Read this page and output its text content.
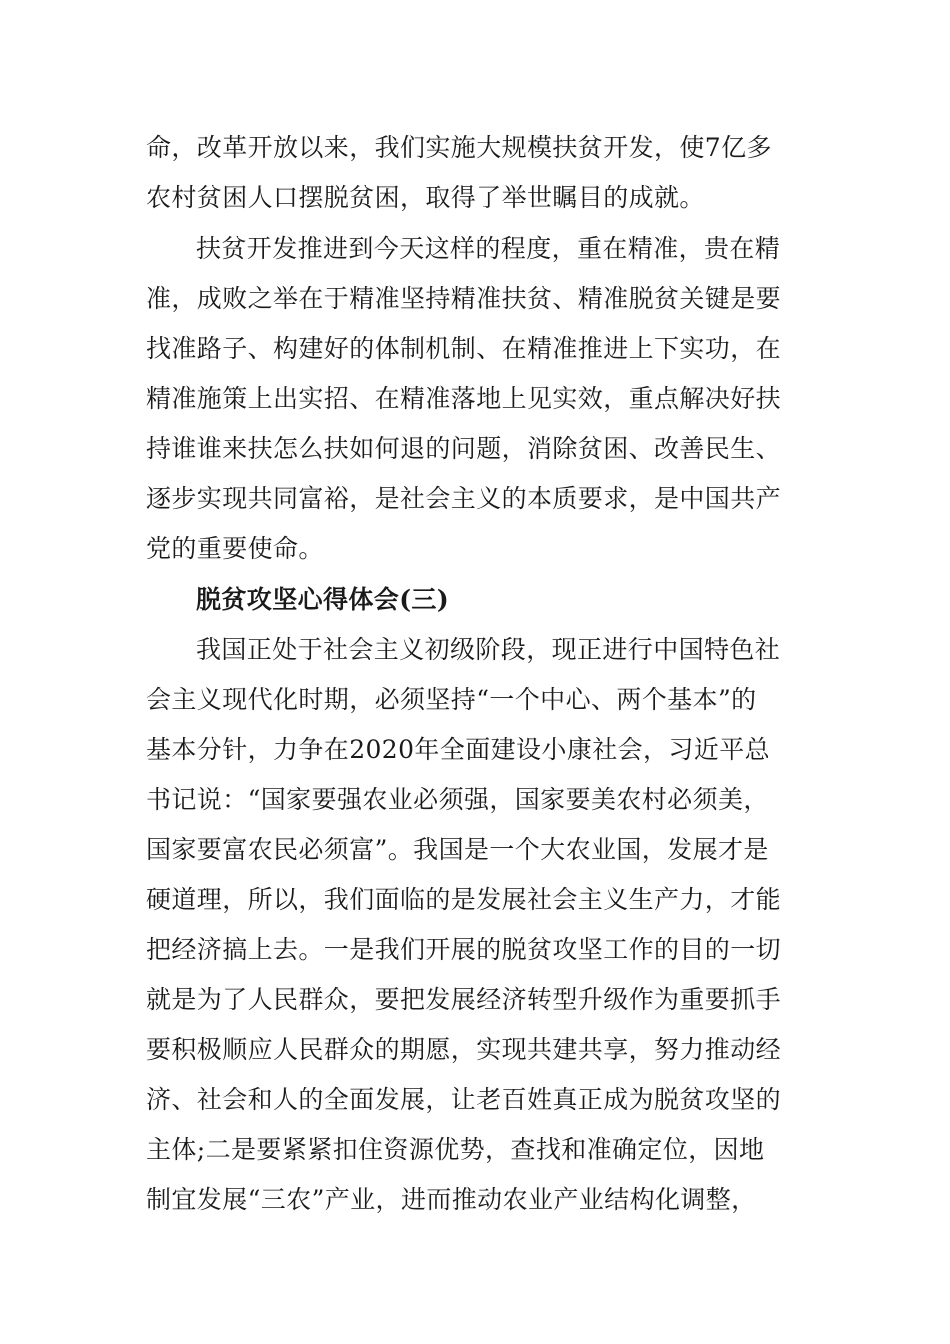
命，改革开放以来，我们实施大规模扶贫开发，使7亿多
农村贫困人口摆脱贫困，取得了举世瞩目的成就。
扶贫开发推进到今天这样的程度，重在精准，贵在精
准，成败之举在于精准坚持精准扶贫、精准脱贫关键是要
找准路子、构建好的体制机制、在精准推进上下实功，在
精准施策上出实招、在精准落地上见实效，重点解决好扶
持谁谁来扶怎么扶如何退的问题，消除贫困、改善民生、
逐步实现共同富裕，是社会主义的本质要求，是中国共产
党的重要使命。
脱贫攻坚心得体会(三)
我国正处于社会主义初级阶段，现正进行中国特色社
会主义现代化时期，必须坚持“一个中心、两个基本”的
基本分针，力争在2020年全面建设小康社会，习近平总
书记说：“国家要强农业必须强，国家要美农村必须美，
国家要富农民必须富”。我国是一个大农业国，发展才是
硬道理，所以，我们面临的是发展社会主义生产力，才能
把经济搞上去。一是我们开展的脱贫攻坚工作的目的一切
就是为了人民群众，要把发展经济转型升级作为重要抓手
要积极顺应人民群众的期愿，实现共建共享，努力推动经
济、社会和人的全面发展，让老百姓真正成为脱贫攻坚的
主体;二是要紧紧扣住资源优势，查找和准确定位，因地
制宜发展“三农”产业，进而推动农业产业结构化调整，
